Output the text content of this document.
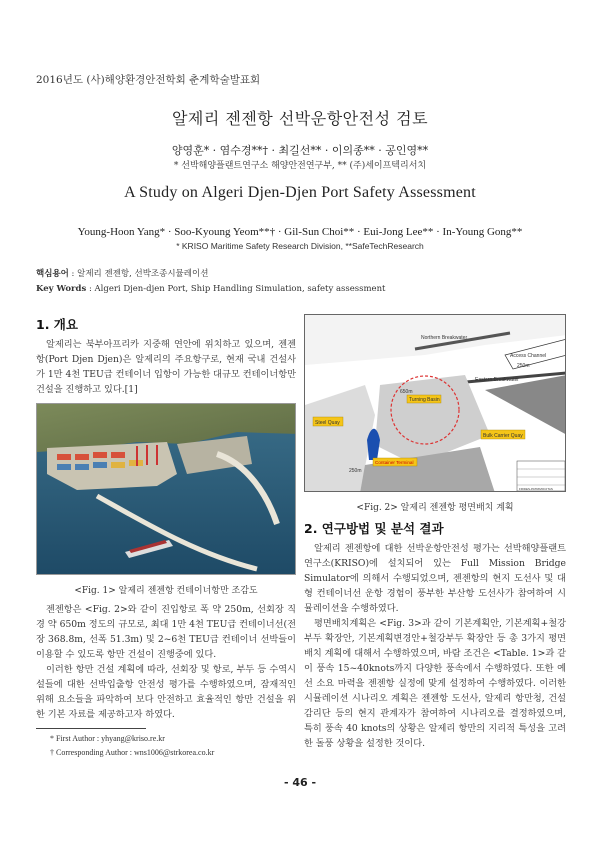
2016년도 (사)해양환경안전학회 춘계학술발표회
알제리 젠젠항 선박운항안전성 검토
양영훈* · 염수경**† · 최길선** · 이의종** · 공인영**
* 선박해양플랜트연구소 해양안전연구부, ** (주)세이프텍리서치
A Study on Algeri Djen-Djen Port Safety Assessment
Young-Hoon Yang* · Soo-Kyoung Yeom**† · Gil-Sun Choi** · Eui-Jong Lee** · In-Young Gong**
* KRISO Maritime Safety Research Division, **SafeTechResearch
핵심용어 : 알제리 젠젠항, 선박조종시뮬레이션
Key Words : Algeri Djen-djen Port, Ship Handling Simulation, safety assessment
1. 개요

알제리는 북부아프리카 지중해 연안에 위치하고 있으며, 젠젠항(Port Djen Djen)은 알제리의 주요항구로, 현재 국내 건설사가 1만 4천 TEU급 컨테이너 입항이 가능한 대규모 컨테이너항만 건설을 진행하고 있다.[1]

<Fig. 1> 알제리 젠젠항 컨테이너항만 조감도

젠젠항은 <Fig. 2>와 같이 진입항로 폭 약 250m, 선회장 직경 약 650m 정도의 규모로, 최대 1만 4천 TEU급 컨테이너선(전장 368.8m, 선폭 51.3m) 및 2~6천 TEU급 컨테이너 선박들이 이용할 수 있도록 항만 건설이 진행중에 있다.

이러한 항만 건설 계획에 따라, 선회장 및 항로, 부두 등 수역시설들에 대한 선박입출항 안전성 평가를 수행하였으며, 잠재적인 위해 요소들을 파악하여 보다 안전하고 효율적인 항만 건설을 위한 기본 자료를 제공하고자 하였다.

Northern Breakwater
Access Channel
250m
Eastern Breakwater
650m
Turning Basin
Steel Quay
250m
Container Terminal
Bulk Carrier Quay
FRIDES-PATRIMOCITAS
<Fig. 2> 알제리 젠젠항 평면배치 계획
2. 연구방법 및 분석 결과

알제리 젠젠항에 대한 선박운항안전성 평가는 선박해양플랜트연구소(KRISO)에 설치되어 있는 Full Mission Bridge Simulator에 의해서 수행되었으며, 젠젠항의 현지 도선사 및 대형 컨테이너선 운항 경험이 풍부한 부산항 도선사가 참여하여 시뮬레이션을 수행하였다.

평면배치계획은 <Fig. 3>과 같이 기본계획안, 기본계획+철강부두 확장안, 기본계획변경안+철강부두 확장안 등 총 3가지 평면배치 계획에 대해서 수행하였으며, 바람 조건은 <Table. 1>과 같이 풍속 15~40knots까지 다양한 풍속에서 수행하였다. 또한 예선 소요 마력을 젠젠항 실정에 맞게 설정하여 수행하였다. 이러한 시뮬레이션 시나리오 계획은 젠젠항 도선사, 알제리 항만청, 건설 감리단 등의 현지 관계자가 참여하여 시나리오를 결정하였으며, 특히 풍속 40 knots의 상황은 알제리 항만의 지리적 특성을 고려한 돌풍 상황을 설정한 것이다.

* First Author : yhyang@kriso.re.kr
† Corresponding Author : wns1006@strkorea.co.kr
- 46 -
